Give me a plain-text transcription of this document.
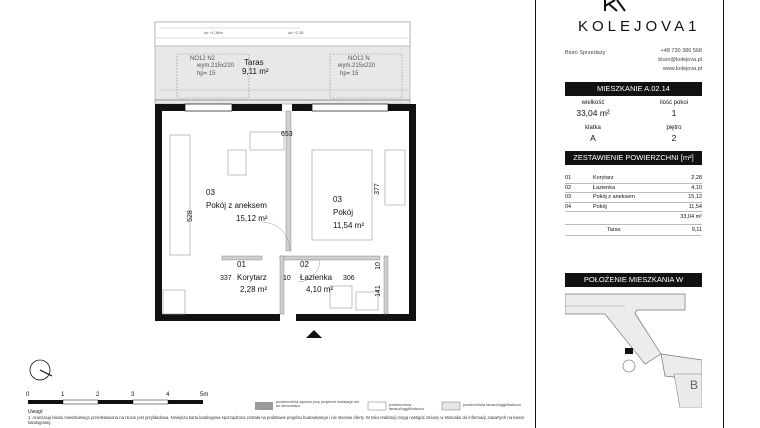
KOLEJOVA1
Biuro Sprzedaży	+48 730 386 568
biuro@kolejova.pl
www.kolejova.pl
MIESZKANIE A.02.14
wielkość
33,04 m²
ilość pokoi
1
klatka
A
piętro
2
ZESTAWIENIE POWIERZCHNI [m²]
01	Korytarz	2,28
02	Łazienka	4,10
03	Pokój z aneksem	15,12
04	Pokój	11,54
33,04 m²
Taras	9,11
POŁOŻENIE MIESZKANIA W
B
ok.+1,36m	ok.+2,35
NO12 N2
wym.215x220
hp= 15
NO12 N
wym.215x220
hp= 15
Taras
9,11 m²
653
528
377
337	10	306
10
141
03
Pokój z aneksem
15,12 m²
03
Pokój
11,54 m²
01
Korytarz
2,28 m²
02
Łazienka
4,10 m²
0	1	2	3	4	5m
powierzchnia zgodna przy projekcie instalacje sie do demontażu	powierzchnia tarasu/loggii/balkonu
powierzchnia tarasu/loggii/balkonu
Uwagi:
1. Aranżacja lokalu mieszkalnego przedstawiona na rzucie jest przykładowa. Niniejsza karta katalogowa sporządzona została na podstawie projektu budowlanego i nie stanowi oferty. W toku realizacji mogą nastąpić zmiany w stosunku do informacji zawartych na karcie katalogowej.
